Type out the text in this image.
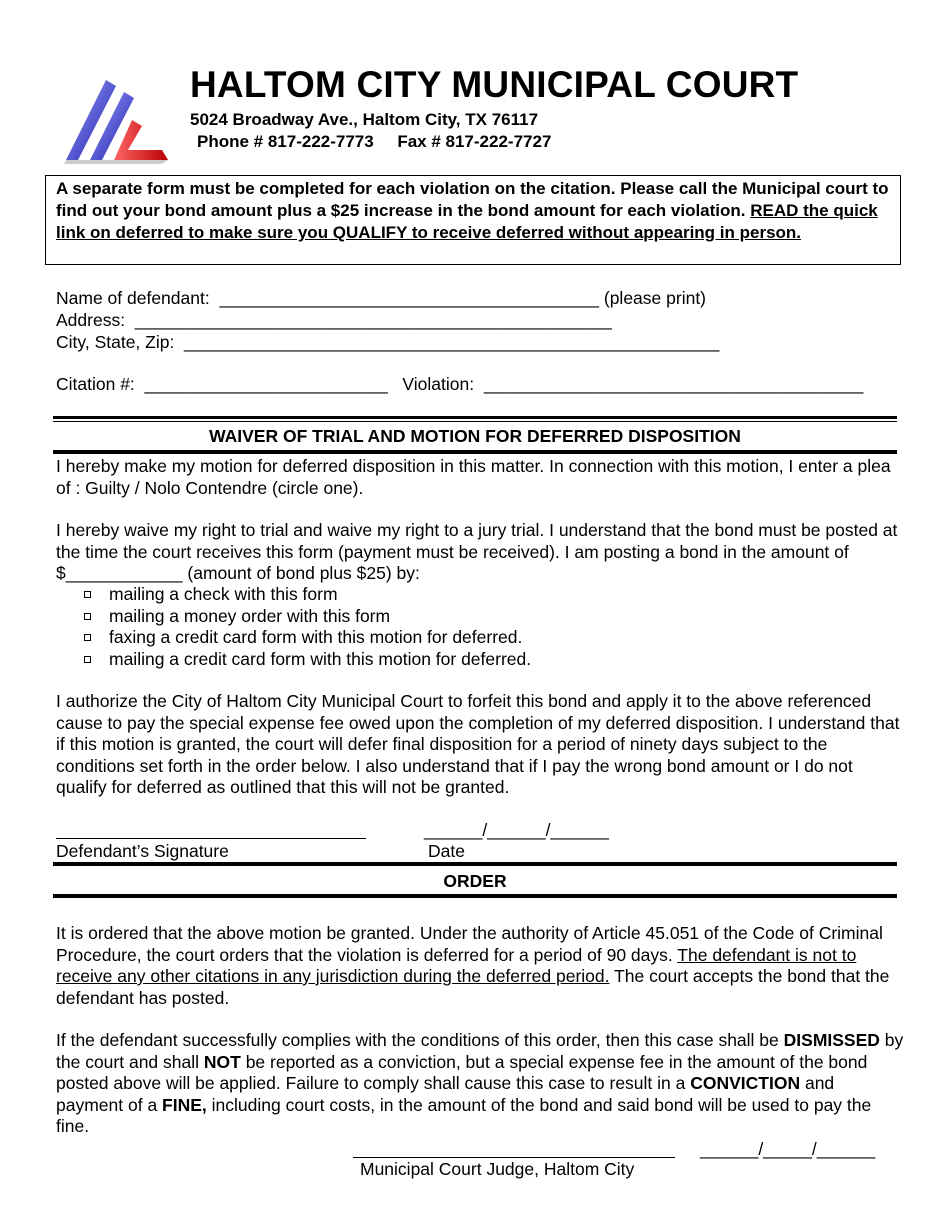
HALTOM CITY MUNICIPAL COURT
5024 Broadway Ave., Haltom City, TX 76117
Phone # 817-222-7773     Fax # 817-222-7727
A separate form must be completed for each violation on the citation. Please call the Municipal court to find out your bond amount plus a $25 increase in the bond amount for each violation. READ the quick link on deferred to make sure you QUALIFY to receive deferred without appearing in person.
Name of defendant:  _______________________________________ (please print)
Address:  _________________________________________________
City, State, Zip:  _______________________________________________________
Citation #:  _________________________   Violation:  _______________________________________
WAIVER OF TRIAL AND MOTION FOR DEFERRED DISPOSITION

I hereby make my motion for deferred disposition in this matter. In connection with this motion, I enter a plea of : Guilty / Nolo Contendre (circle one).

I hereby waive my right to trial and waive my right to a jury trial. I understand that the bond must be posted at the time the court receives this form (payment must be received). I am posting a bond in the amount of $____________ (amount of bond plus $25) by:

mailing a check with this form
mailing a money order with this form
faxing a credit card form with this motion for deferred.
mailing a credit card form with this motion for deferred.

I authorize the City of Haltom City Municipal Court to forfeit this bond and apply it to the above referenced cause to pay the special expense fee owed upon the completion of my deferred disposition. I understand that if this motion is granted, the court will defer final disposition for a period of ninety days subject to the conditions set forth in the order below. I also understand that if I pay the wrong bond amount or I do not qualify for deferred as outlined that this will not be granted.

______/______/______
Defendant’s Signature	Date
ORDER

It is ordered that the above motion be granted. Under the authority of Article 45.051 of the Code of Criminal Procedure, the court orders that the violation is deferred for a period of 90 days. The defendant is not to receive any other citations in any jurisdiction during the deferred period. The court accepts the bond that the defendant has posted.

If the defendant successfully complies with the conditions of this order, then this case shall be DISMISSED by the court and shall NOT be reported as a conviction, but a special expense fee in the amount of the bond posted above will be applied. Failure to comply shall cause this case to result in a CONVICTION and payment of a FINE, including court costs, in the amount of the bond and said bond will be used to pay the fine.

______/_____/______
Municipal Court Judge, Haltom City
